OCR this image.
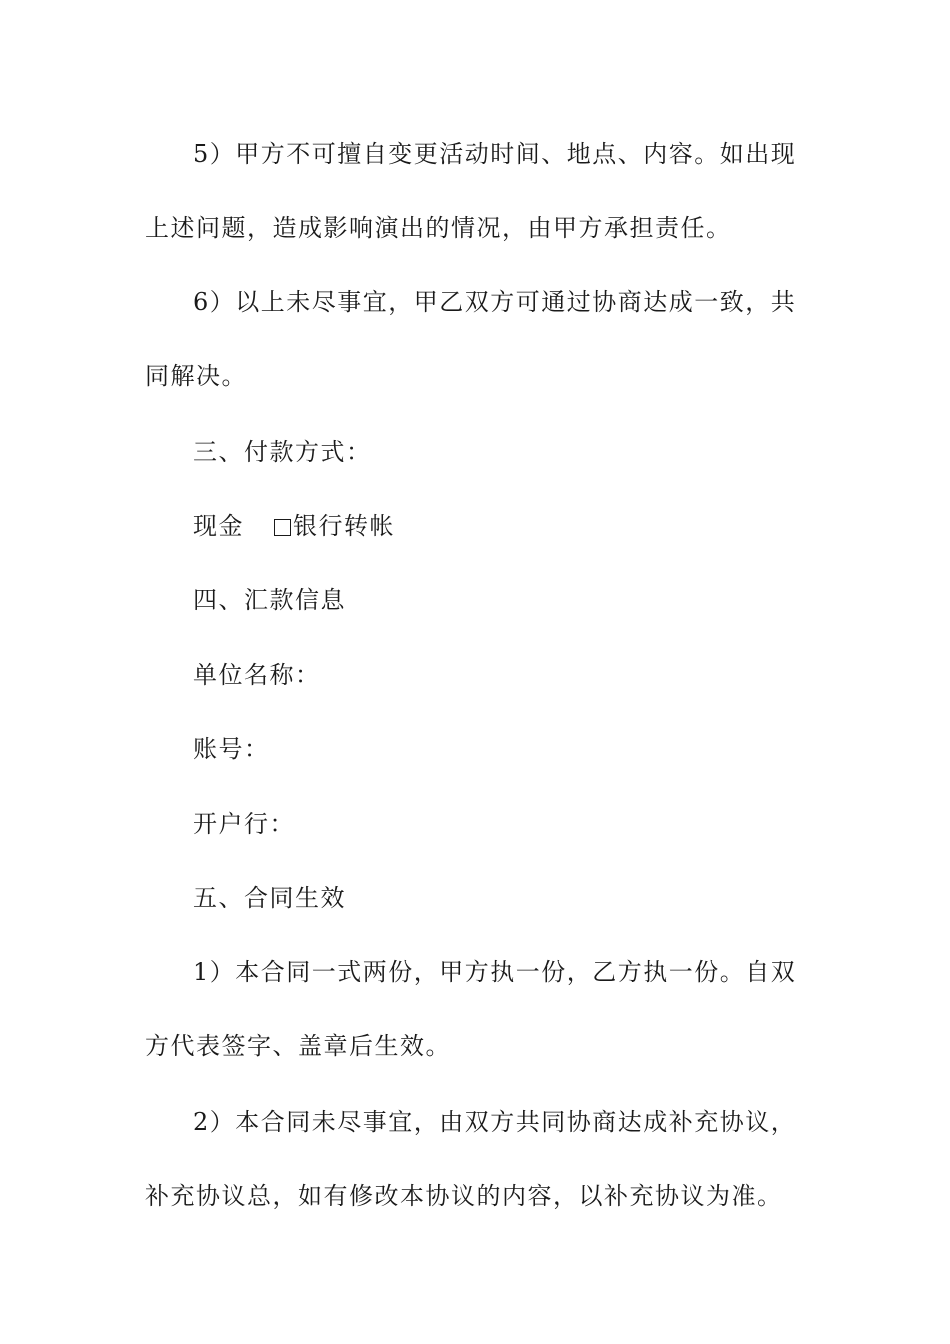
5）甲方不可擅自变更活动时间、地点、内容。如出现上述问题，造成影响演出的情况，由甲方承担责任。

6）以上未尽事宜，甲乙双方可通过协商达成一致，共同解决。

三、付款方式：

现金 银行转帐

四、汇款信息

单位名称：

账号：

开户行：

五、合同生效

1）本合同一式两份，甲方执一份，乙方执一份。自双方代表签字、盖章后生效。

2）本合同未尽事宜，由双方共同协商达成补充协议，补充协议总，如有修改本协议的内容，以补充协议为准。
